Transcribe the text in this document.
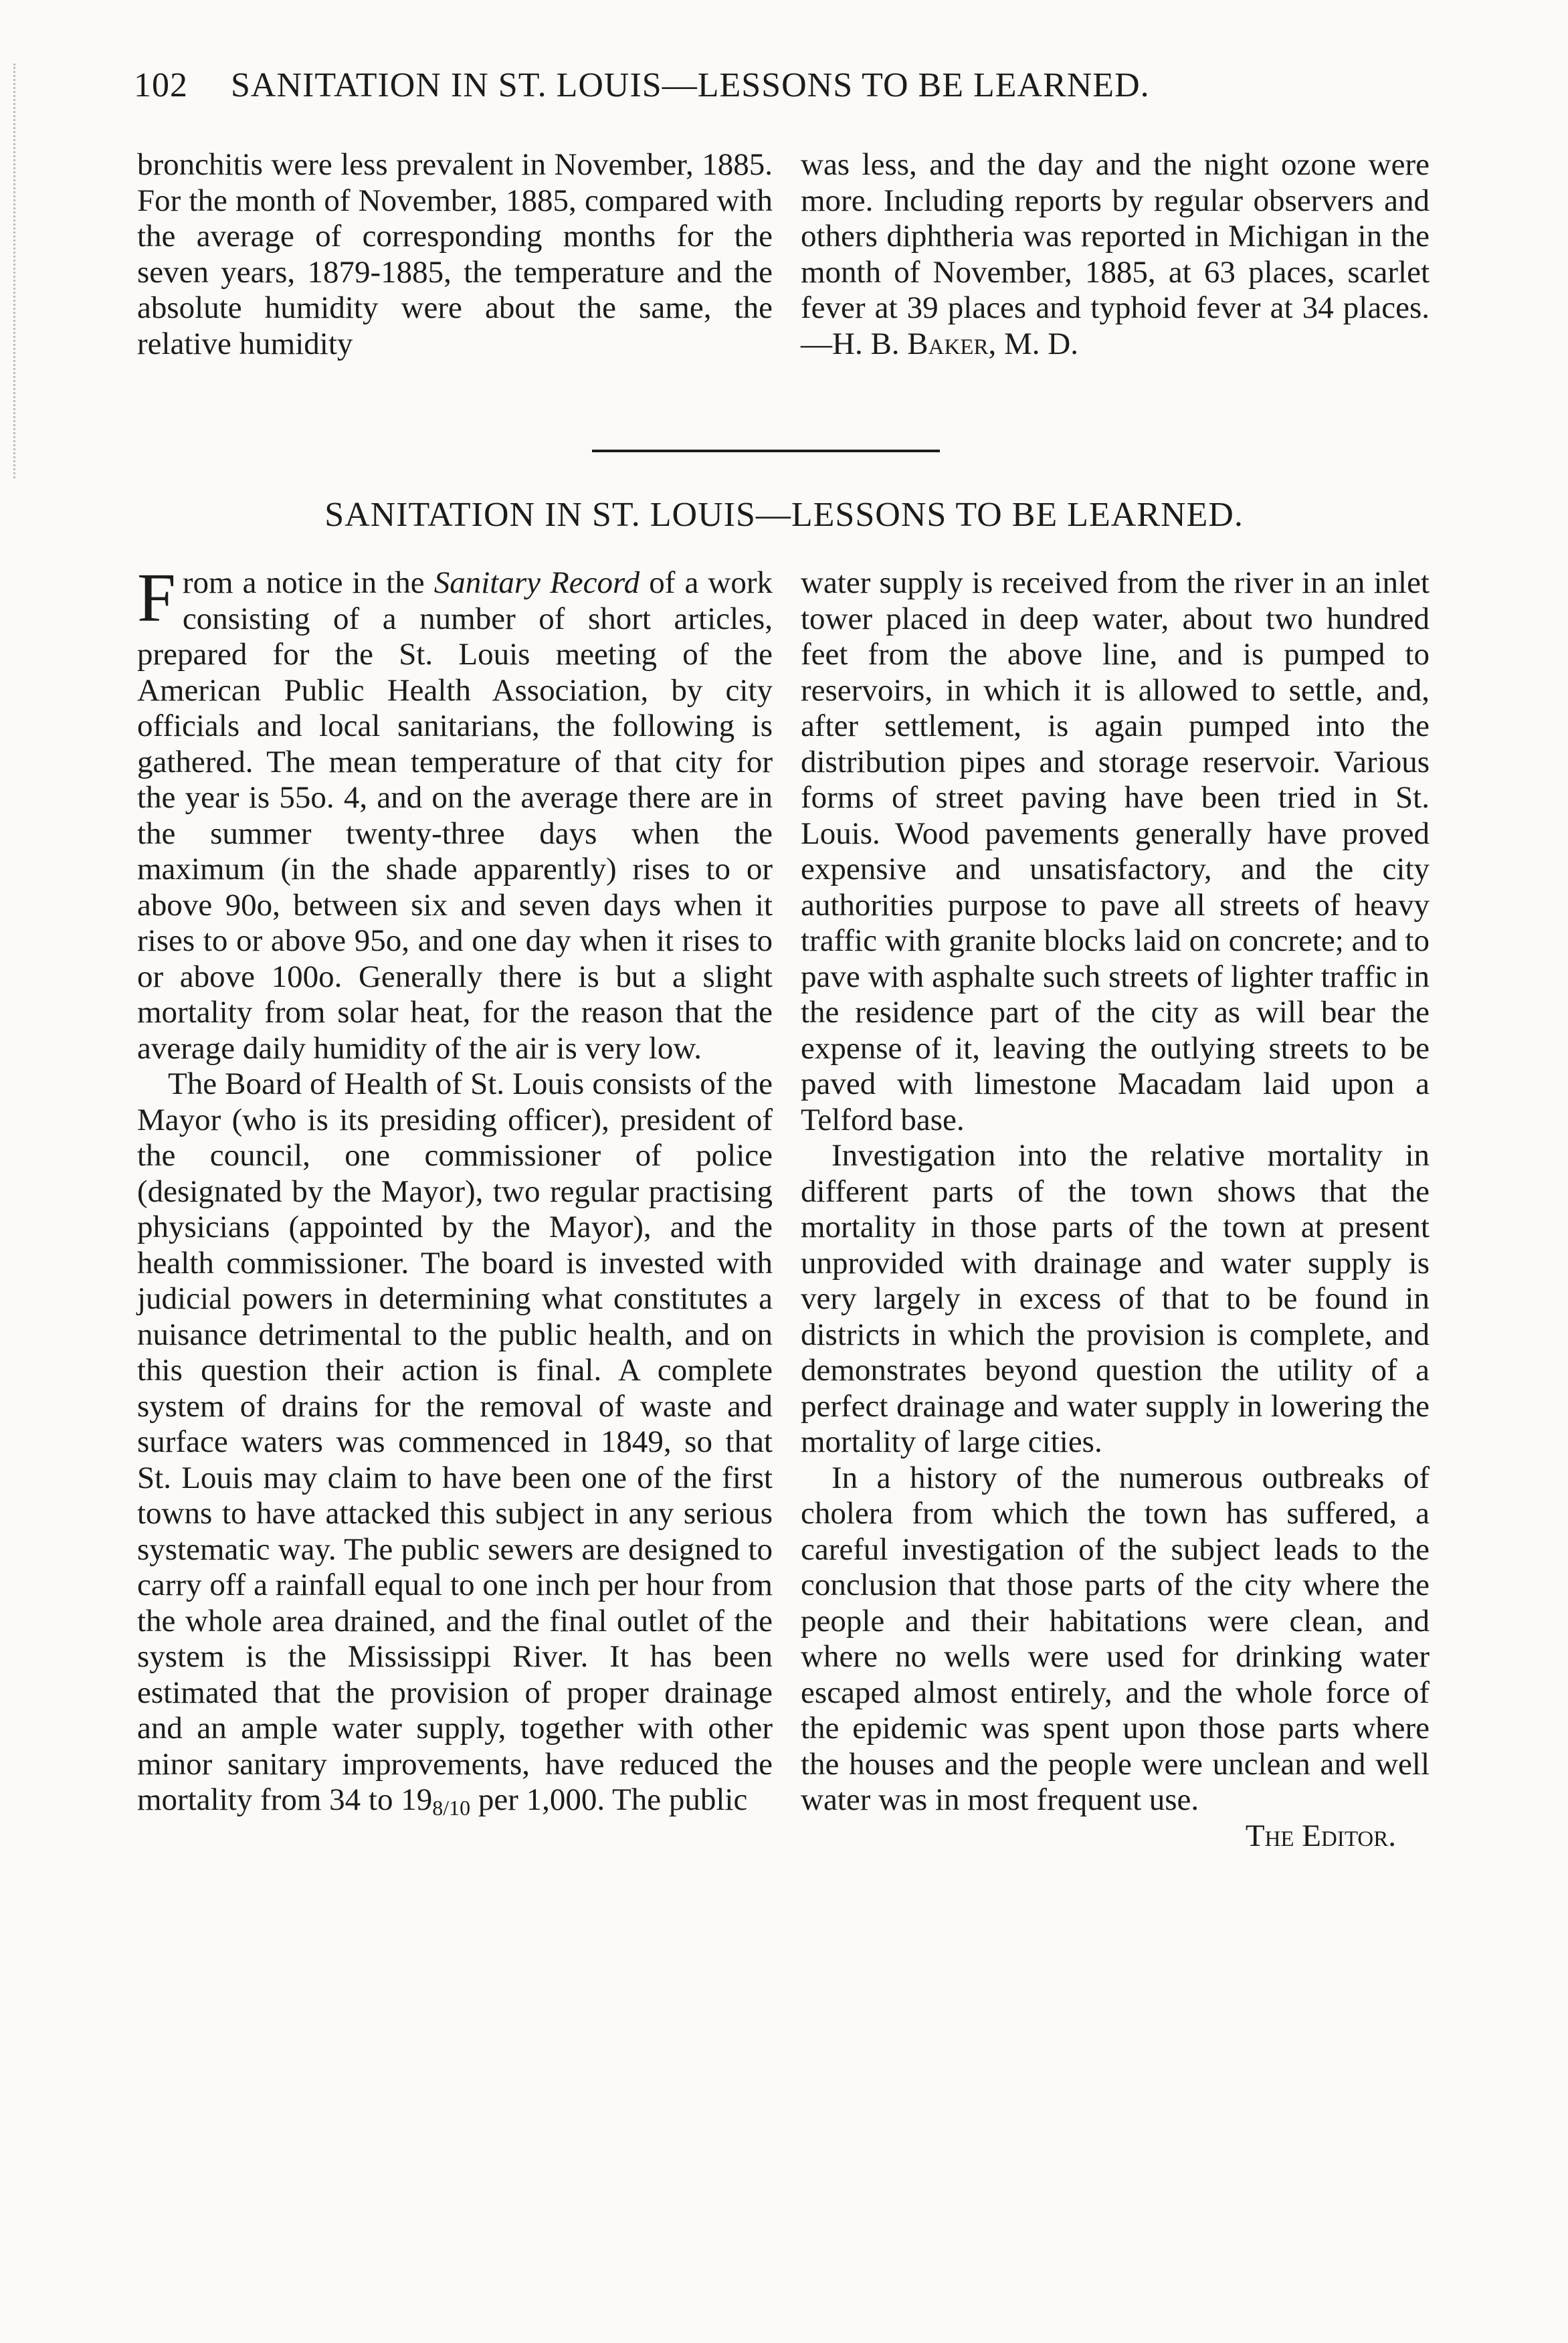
102 SANITATION IN ST. LOUIS—LESSONS TO BE LEARNED.

bronchitis were less prevalent in November, 1885. For the month of November, 1885, compared with the average of corresponding months for the seven years, 1879-1885, the temperature and the absolute humidity were about the same, the relative humidity

was less, and the day and the night ozone were more. Including reports by regular observers and others diphtheria was reported in Michigan in the month of November, 1885, at 63 places, scarlet fever at 39 places and typhoid fever at 34 places.—H. B. Baker, M. D.

SANITATION IN ST. LOUIS—LESSONS TO BE LEARNED.

From a notice in the Sanitary Record of a work consisting of a number of short articles, prepared for the St. Louis meeting of the American Public Health Association, by city officials and local sanitarians, the following is gathered. The mean temperature of that city for the year is 55o. 4, and on the average there are in the summer twenty-three days when the maximum (in the shade apparently) rises to or above 90o, between six and seven days when it rises to or above 95o, and one day when it rises to or above 100o. Generally there is but a slight mortality from solar heat, for the reason that the average daily humidity of the air is very low.

The Board of Health of St. Louis consists of the Mayor (who is its presiding officer), president of the council, one commissioner of police (designated by the Mayor), two regular practising physicians (appointed by the Mayor), and the health commissioner. The board is invested with judicial powers in determining what constitutes a nuisance detrimental to the public health, and on this question their action is final. A complete system of drains for the removal of waste and surface waters was commenced in 1849, so that St. Louis may claim to have been one of the first towns to have attacked this subject in any serious systematic way. The public sewers are designed to carry off a rainfall equal to one inch per hour from the whole area drained, and the final outlet of the system is the Mississippi River. It has been estimated that the provision of proper drainage and an ample water supply, together with other minor sanitary improvements, have reduced the mortality from 34 to 198/10 per 1,000. The public

water supply is received from the river in an inlet tower placed in deep water, about two hundred feet from the above line, and is pumped to reservoirs, in which it is allowed to settle, and, after settlement, is again pumped into the distribution pipes and storage reservoir. Various forms of street paving have been tried in St. Louis. Wood pavements generally have proved expensive and unsatisfactory, and the city authorities purpose to pave all streets of heavy traffic with granite blocks laid on concrete; and to pave with asphalte such streets of lighter traffic in the residence part of the city as will bear the expense of it, leaving the outlying streets to be paved with limestone Macadam laid upon a Telford base.

Investigation into the relative mortality in different parts of the town shows that the mortality in those parts of the town at present unprovided with drainage and water supply is very largely in excess of that to be found in districts in which the provision is complete, and demonstrates beyond question the utility of a perfect drainage and water supply in lowering the mortality of large cities.

In a history of the numerous outbreaks of cholera from which the town has suffered, a careful investigation of the subject leads to the conclusion that those parts of the city where the people and their habitations were clean, and where no wells were used for drinking water escaped almost entirely, and the whole force of the epidemic was spent upon those parts where the houses and the people were unclean and well water was in most frequent use.

The Editor.
